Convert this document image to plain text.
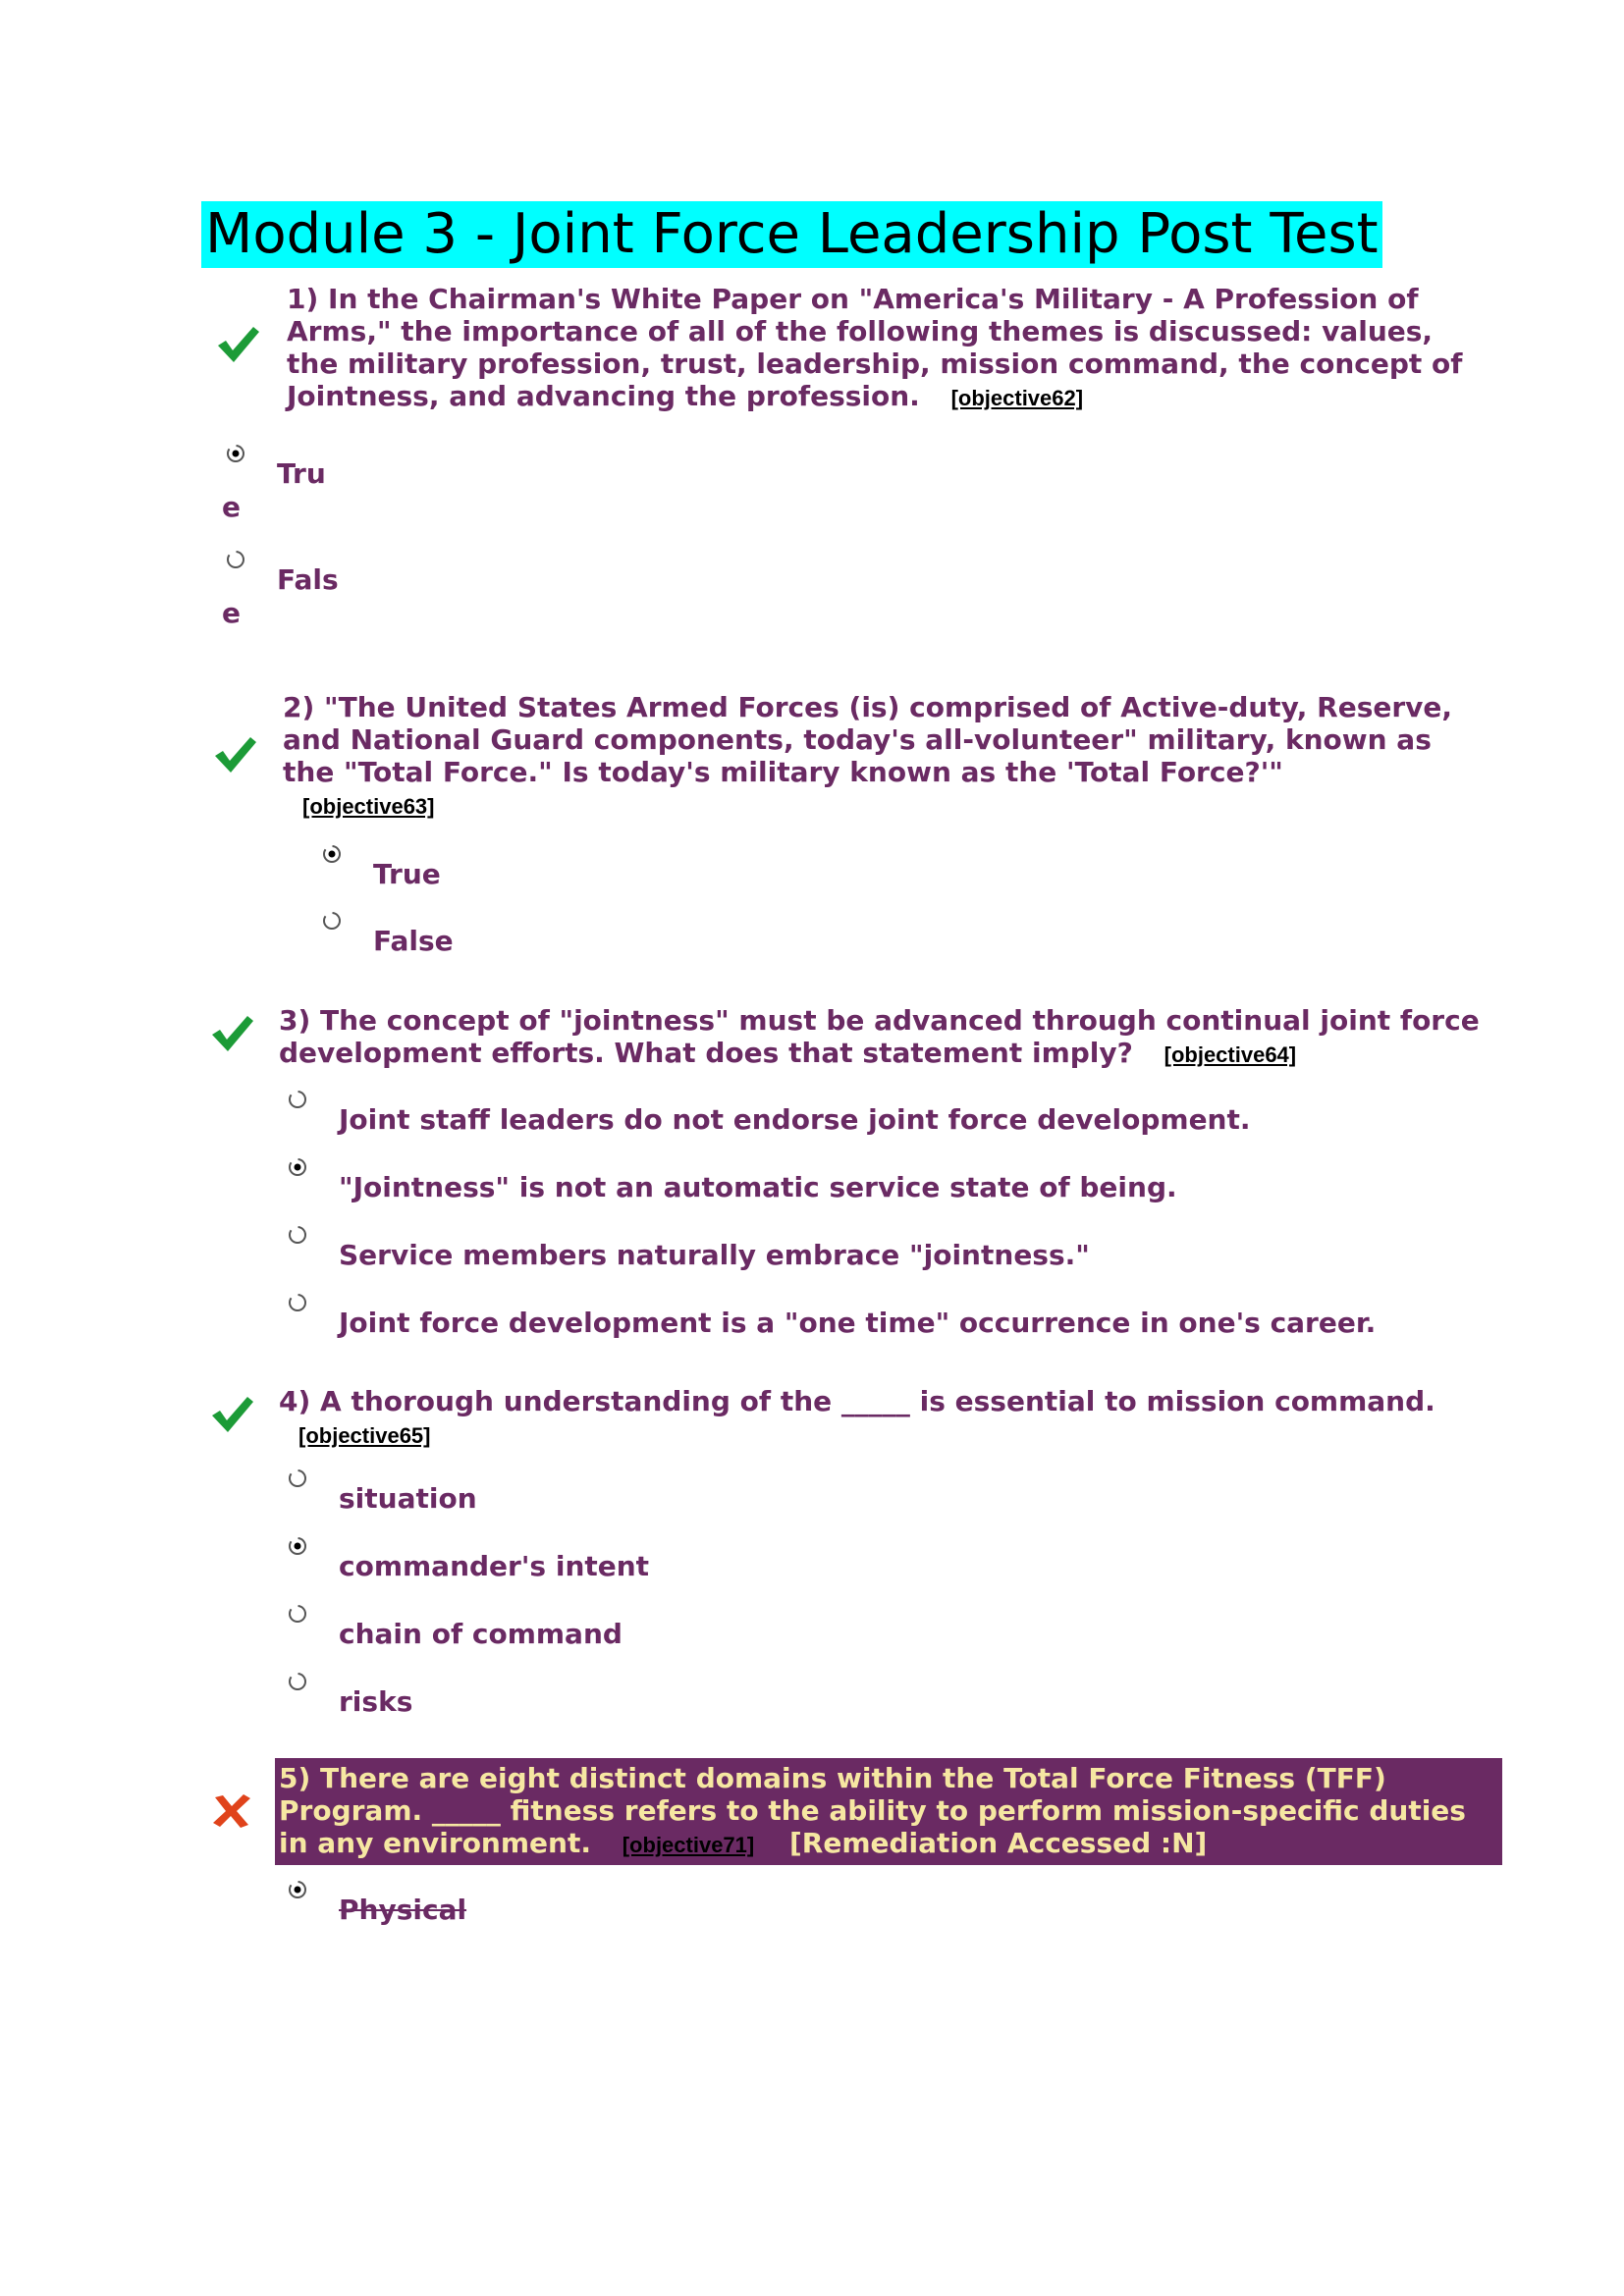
Module 3 - Joint Force Leadership Post Test
1) In the Chairman's White Paper on "America's Military - A Profession of Arms," the importance of all of the following themes is discussed: values, the military profession, trust, leadership, mission command, the concept of Jointness, and advancing the profession. [objective62]
Tru
e
Fals
e
2) "The United States Armed Forces (is) comprised of Active-duty, Reserve, and National Guard components, today's all-volunteer" military, known as the "Total Force." Is today's military known as the 'Total Force?'"
[objective63]
True
False
3) The concept of "jointness" must be advanced through continual joint force development efforts. What does that statement imply? [objective64]
Joint staff leaders do not endorse joint force development.
"Jointness" is not an automatic service state of being.
Service members naturally embrace "jointness."
Joint force development is a "one time" occurrence in one's career.
4) A thorough understanding of the _____ is essential to mission command.
[objective65]
situation
commander's intent
chain of command
risks
5) There are eight distinct domains within the Total Force Fitness (TFF) Program. _____ fitness refers to the ability to perform mission-specific duties in any environment. [objective71] [Remediation Accessed :N]
Physical
